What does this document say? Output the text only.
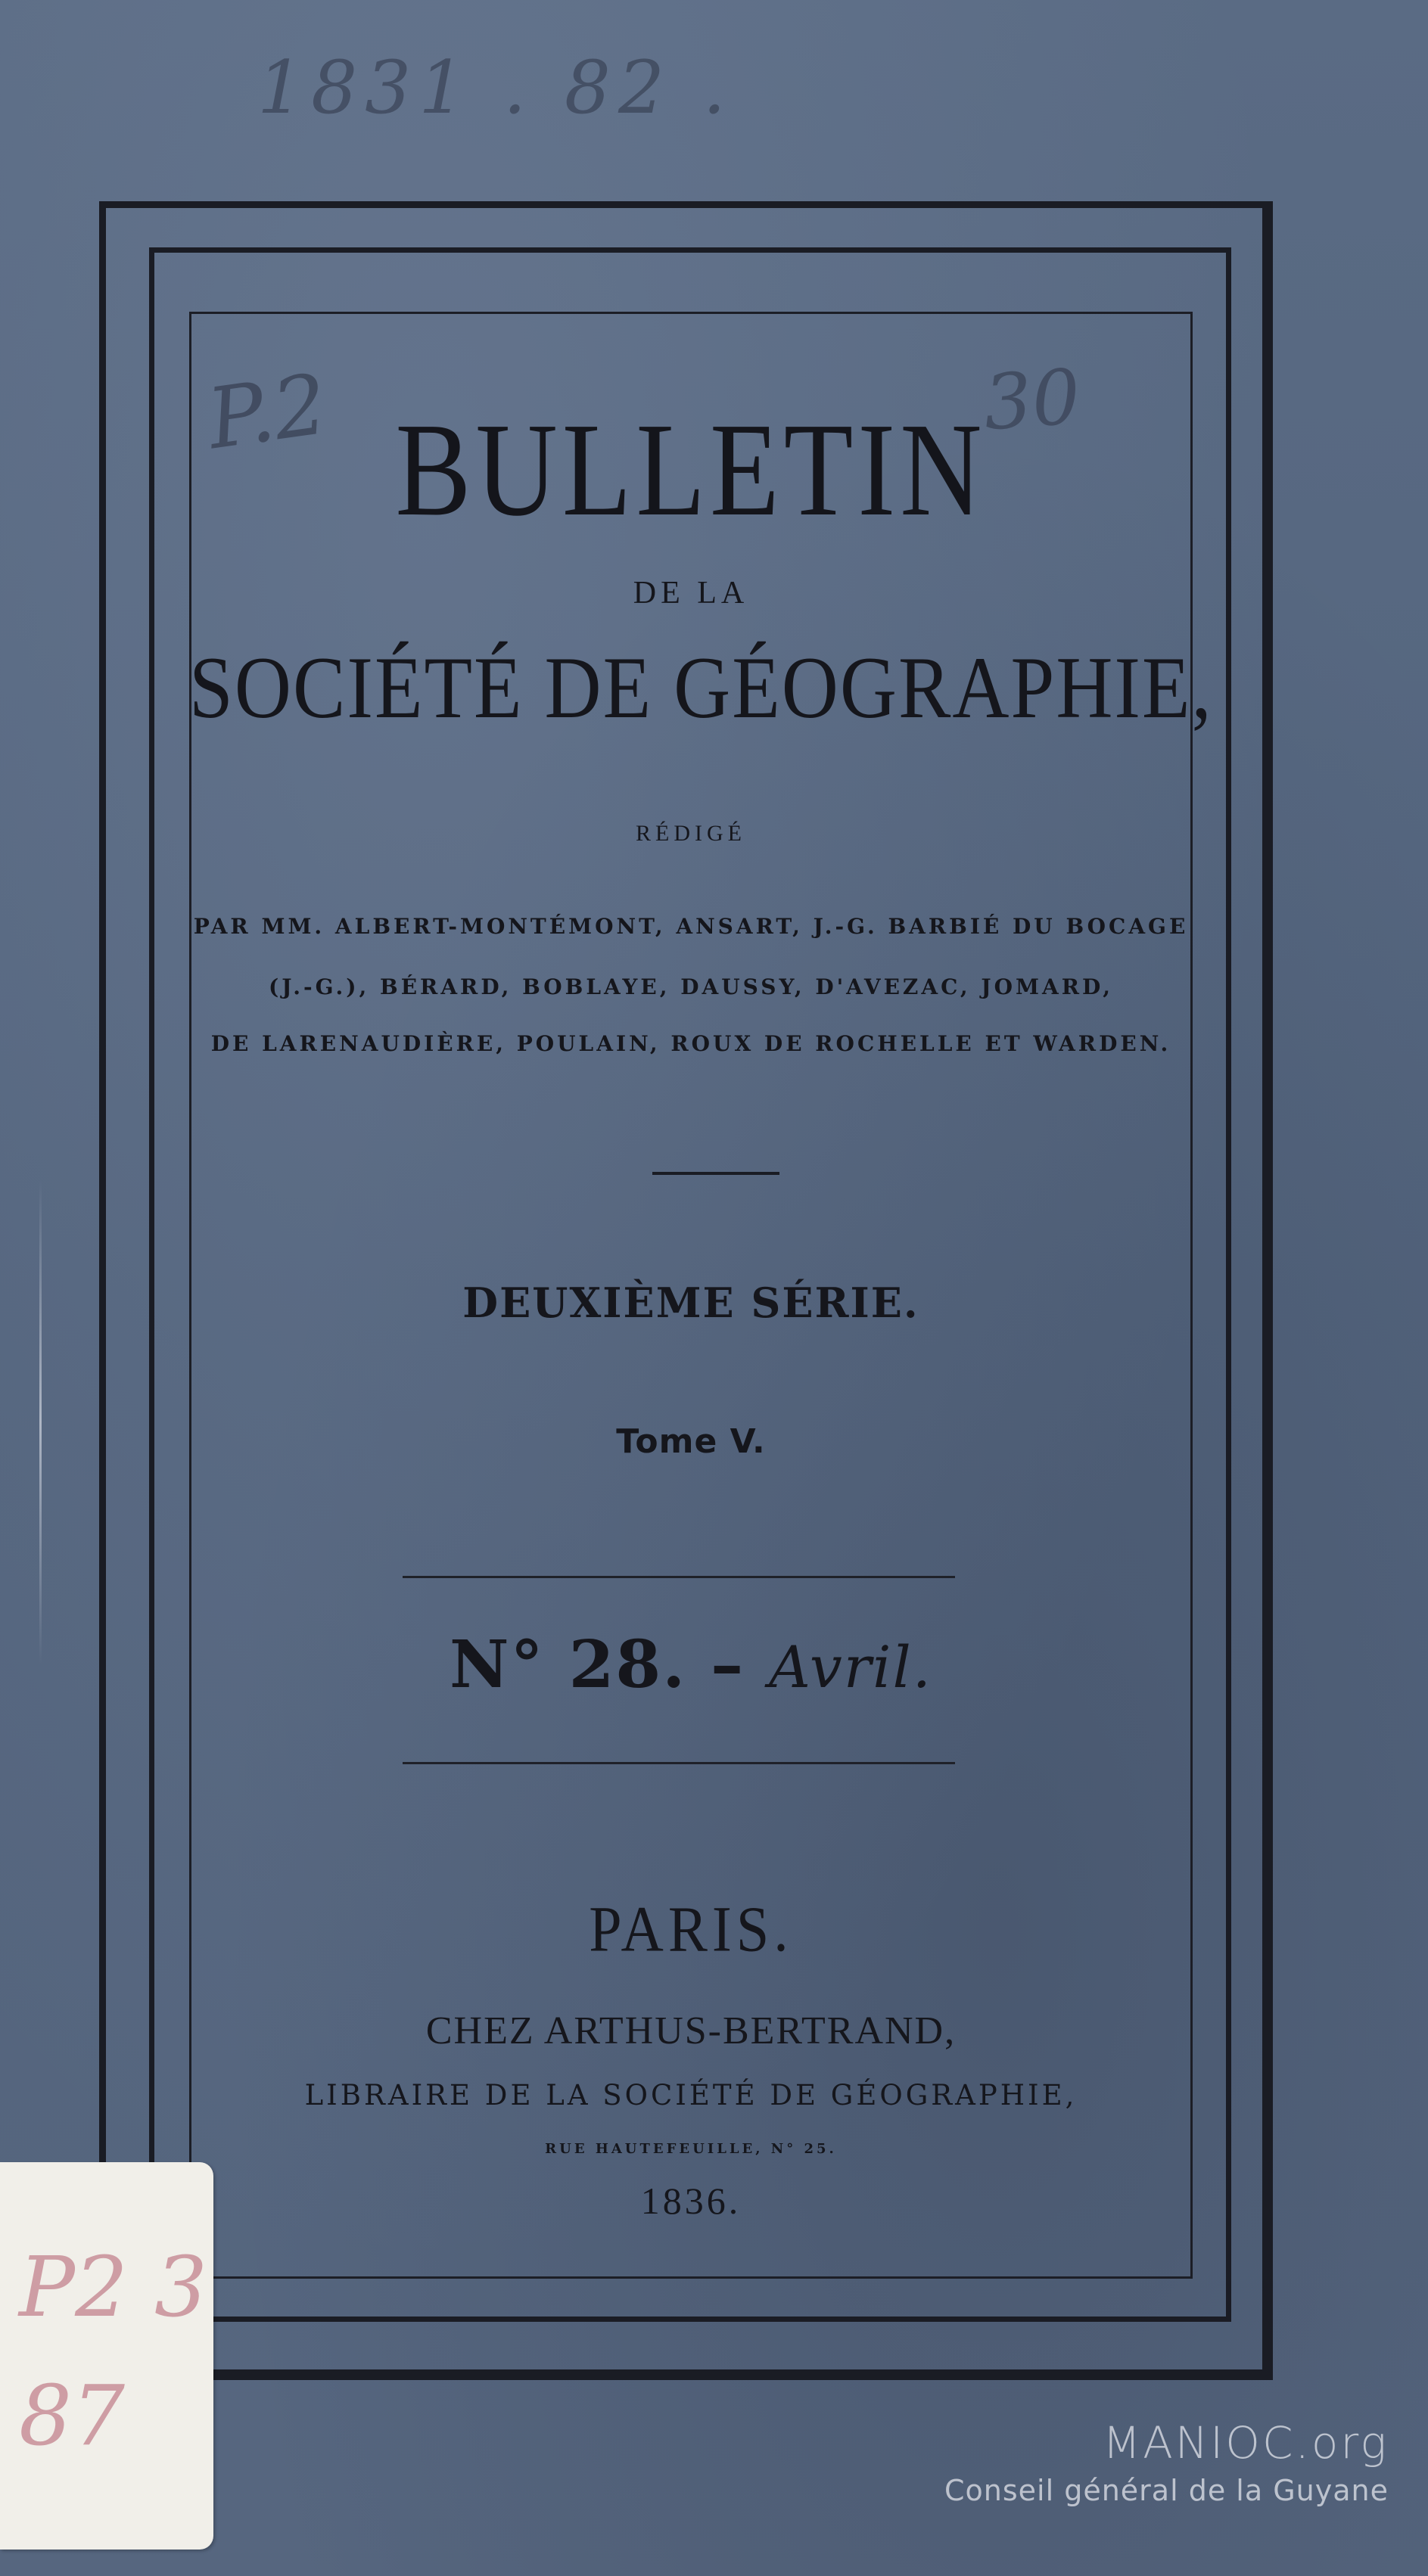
1831 . 82 .
P.2	30
BULLETIN
DE LA
SOCIÉTÉ DE GÉOGRAPHIE,
RÉDIGÉ
PAR MM. ALBERT-MONTÉMONT, ANSART, J.-G. BARBIÉ DU BOCAGE
(J.-G.), BÉRARD, BOBLAYE, DAUSSY, D'AVEZAC, JOMARD,
DE LARENAUDIÈRE, POULAIN, ROUX DE ROCHELLE ET WARDEN.
DEUXIÈME SÉRIE.
Tome V.
N° 28. – Avril.
PARIS.
CHEZ ARTHUS-BERTRAND,
LIBRAIRE DE LA SOCIÉTÉ DE GÉOGRAPHIE,
RUE HAUTEFEUILLE, N° 25.
1836.
P2 3 87	MANIOC.org
Conseil général de la Guyane
